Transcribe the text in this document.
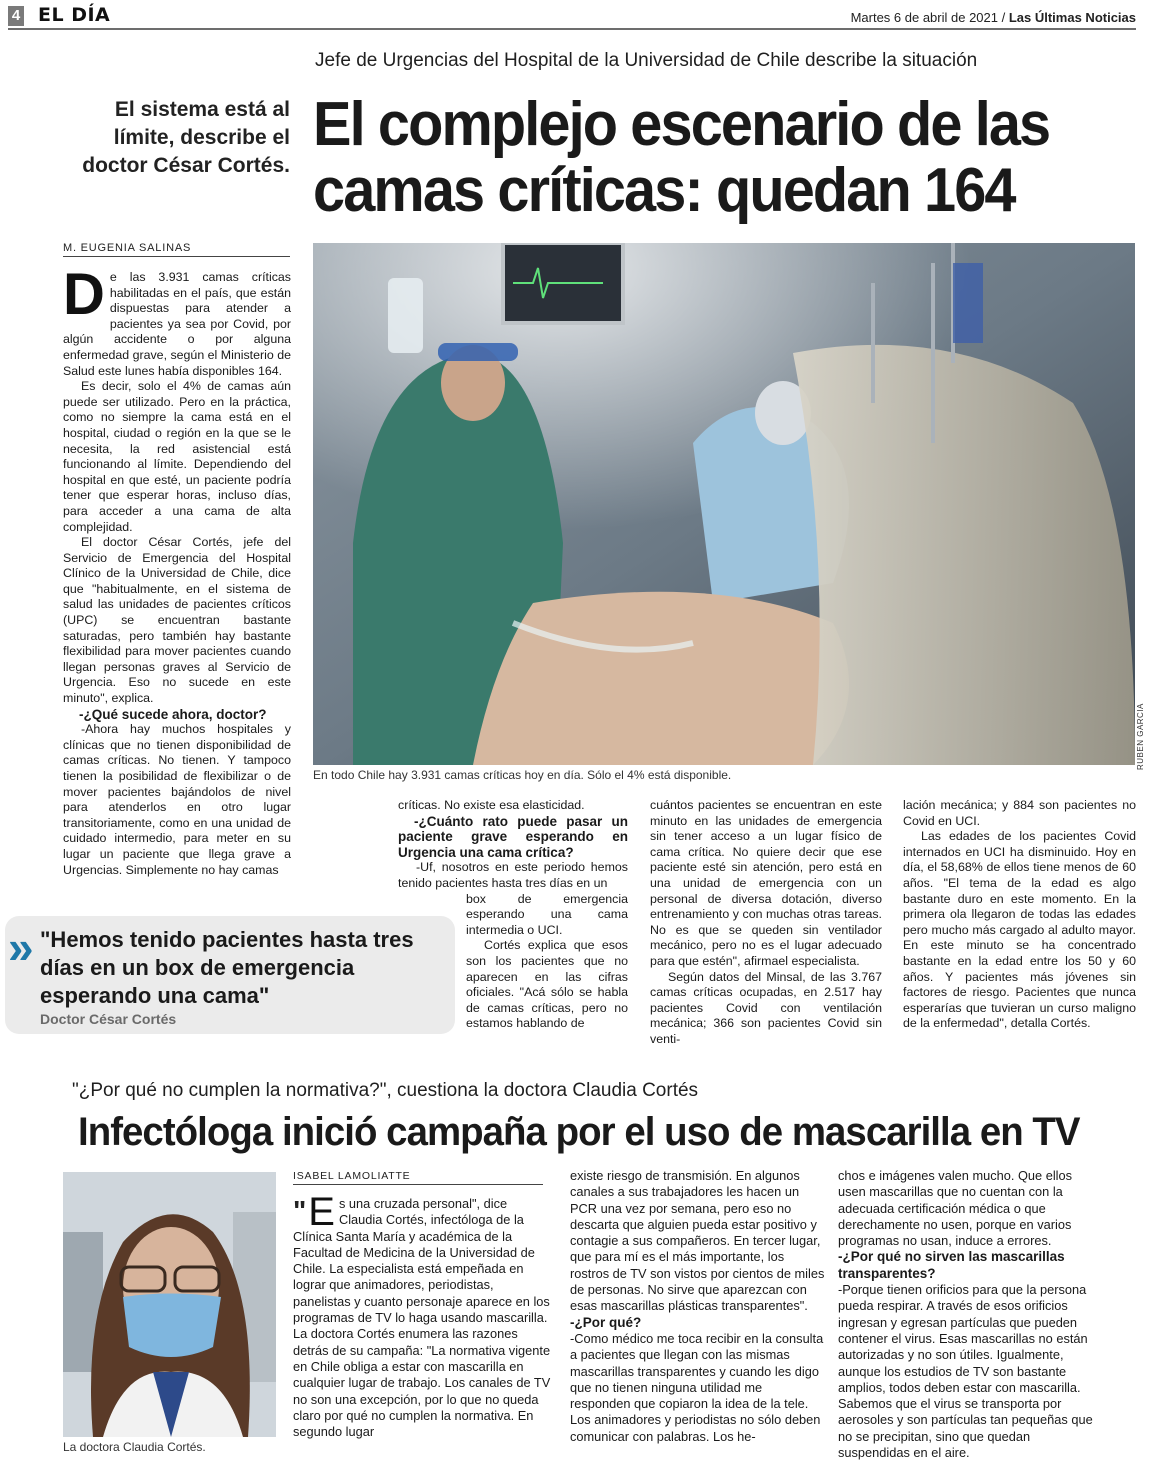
4 EL DÍA	Martes 6 de abril de 2021 / Las Últimas Noticias
Jefe de Urgencias del Hospital de la Universidad de Chile describe la situación
El sistema está al límite, describe el doctor César Cortés.
El complejo escenario de las camas críticas: quedan 164
M. EUGENIA SALINAS

De las 3.931 camas críticas habilitadas en el país, que están dispuestas para atender a pacientes ya sea por Covid, por algún accidente o por alguna enfermedad grave, según el Ministerio de Salud este lunes había disponibles 164.

Es decir, solo el 4% de camas aún puede ser utilizado. Pero en la práctica, como no siempre la cama está en el hospital, ciudad o región en la que se le necesita, la red asistencial está funcionando al límite. Dependiendo del hospital en que esté, un paciente podría tener que esperar horas, incluso días, para acceder a una cama de alta complejidad.

El doctor César Cortés, jefe del Servicio de Emergencia del Hospital Clínico de la Universidad de Chile, dice que "habitualmente, en el sistema de salud las unidades de pacientes críticos (UPC) se encuentran bastante saturadas, pero también hay bastante flexibilidad para mover pacientes cuando llegan personas graves al Servicio de Urgencia. Eso no sucede en este minuto", explica.

-¿Qué sucede ahora, doctor?

-Ahora hay muchos hospitales y clínicas que no tienen disponibilidad de camas críticas. No tienen. Y tampoco tienen la posibilidad de flexibilizar o de mover pacientes bajándolos de nivel para atenderlos en otro lugar transitoriamente, como en una unidad de cuidado intermedio, para meter en su lugar un paciente que llega grave a Urgencias. Simplemente no hay camas

RUBEN GARCIA
En todo Chile hay 3.931 camas críticas hoy en día. Sólo el 4% está disponible.

críticas. No existe esa elasticidad.

-¿Cuánto rato puede pasar un paciente grave esperando en Urgencia una cama crítica?

-Uf, nosotros en este periodo hemos tenido pacientes hasta tres días en un

box de emergencia esperando una cama intermedia o UCI.

Cortés explica que esos son los pacientes que no aparecen en las cifras oficiales. "Acá sólo se habla de camas críticas, pero no estamos hablando de

cuántos pacientes se encuentran en este minuto en las unidades de emergencia sin tener acceso a un lugar físico de cama crítica. No quiere decir que ese paciente esté sin atención, pero está en una unidad de emergencia con un personal de diversa dotación, diverso entrenamiento y con muchas otras tareas. No es que se queden sin ventilador mecánico, pero no es el lugar adecuado para que estén", afirmael especialista.

Según datos del Minsal, de las 3.767 camas críticas ocupadas, en 2.517 hay pacientes Covid con ventilación mecánica; 366 son pacientes Covid sin venti-

lación mecánica; y 884 son pacientes no Covid en UCI.

Las edades de los pacientes Covid internados en UCI ha disminuido. Hoy en día, el 58,68% de ellos tiene menos de 60 años. "El tema de la edad es algo bastante duro en este momento. En la primera ola llegaron de todas las edades pero mucho más cargado al adulto mayor. En este minuto se ha concentrado bastante en la edad entre los 50 y 60 años. Y pacientes más jóvenes sin factores de riesgo. Pacientes que nunca esperarías que tuvieran un curso maligno de la enfermedad", detalla Cortés.

» "Hemos tenido pacientes hasta tres días en un box de emergencia esperando una cama"
Doctor César Cortés
"¿Por qué no cumplen la normativa?", cuestiona la doctora Claudia Cortés
Infectóloga inició campaña por el uso de mascarilla en TV
La doctora Claudia Cortés.
ISABEL LAMOLIATTE

" E s una cruzada personal", dice Claudia Cortés, infectóloga de la Clínica Santa María y académica de la Facultad de Medicina de la Universidad de Chile. La especialista está empeñada en lograr que animadores, periodistas, panelistas y cuanto personaje aparece en los programas de TV lo haga usando mascarilla.

La doctora Cortés enumera las razones detrás de su campaña: "La normativa vigente en Chile obliga a estar con mascarilla en cualquier lugar de trabajo. Los canales de TV no son una excepción, por lo que no queda claro por qué no cumplen la normativa. En segundo lugar

existe riesgo de transmisión. En algunos canales a sus trabajadores les hacen un PCR una vez por semana, pero eso no descarta que alguien pueda estar positivo y contagie a sus compañeros. En tercer lugar, que para mí es el más importante, los rostros de TV son vistos por cientos de miles de personas. No sirve que aparezcan con esas mascarillas plásticas transparentes".

-¿Por qué?

-Como médico me toca recibir en la consulta a pacientes que llegan con las mismas mascarillas transparentes y cuando les digo que no tienen ninguna utilidad me responden que copiaron la idea de la tele. Los animadores y periodistas no sólo deben comunicar con palabras. Los he-

chos e imágenes valen mucho. Que ellos usen mascarillas que no cuentan con la adecuada certificación médica o que derechamente no usen, porque en varios programas no usan, induce a errores.

-¿Por qué no sirven las mascarillas transparentes?

-Porque tienen orificios para que la persona pueda respirar. A través de esos orificios ingresan y egresan partículas que pueden contener el virus. Esas mascarillas no están autorizadas y no son útiles. Igualmente, aunque los estudios de TV son bastante amplios, todos deben estar con mascarilla. Sabemos que el virus se transporta por aerosoles y son partículas tan pequeñas que no se precipitan, sino que quedan suspendidas en el aire.
